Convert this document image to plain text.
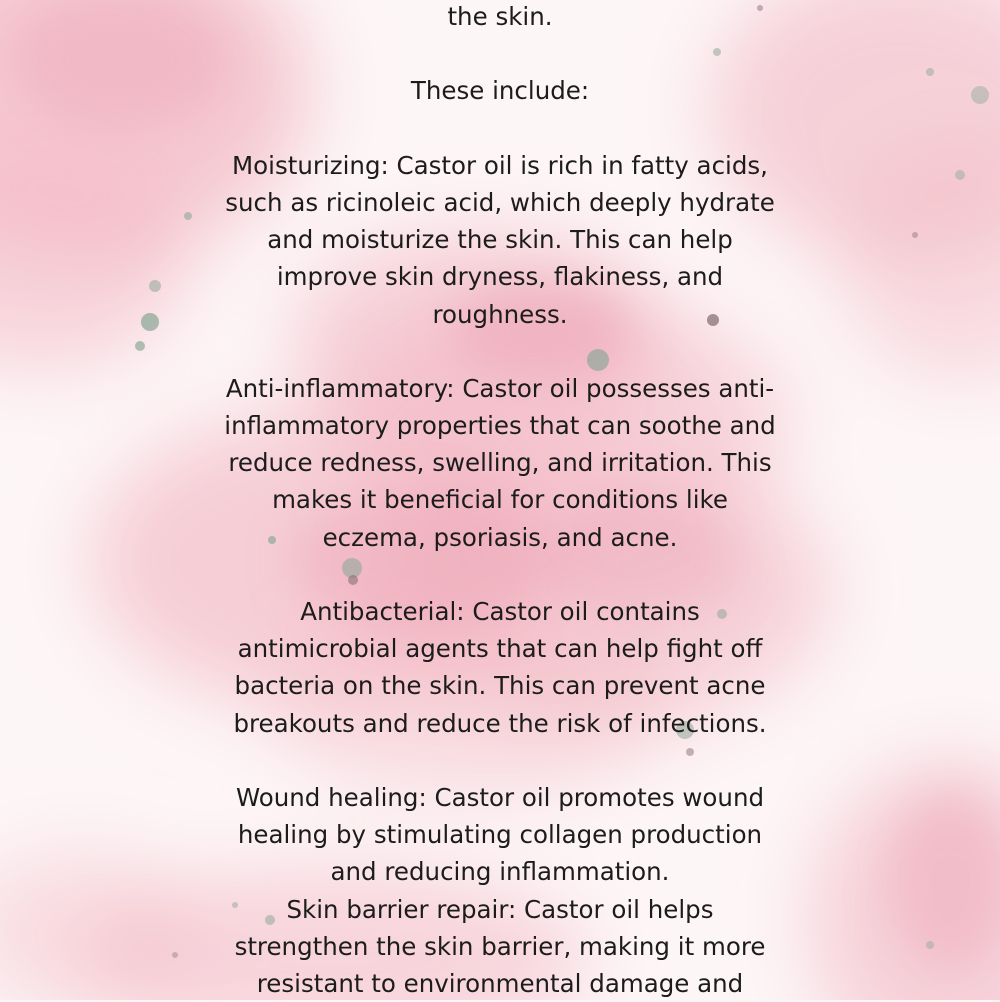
the skin.
These include:
Moisturizing: Castor oil is rich in fatty acids,
such as ricinoleic acid, which deeply hydrate
and moisturize the skin. This can help
improve skin dryness, flakiness, and
roughness.
Anti-inflammatory: Castor oil possesses anti-
inflammatory properties that can soothe and
reduce redness, swelling, and irritation. This
makes it beneficial for conditions like
eczema, psoriasis, and acne.
Antibacterial: Castor oil contains
antimicrobial agents that can help fight off
bacteria on the skin. This can prevent acne
breakouts and reduce the risk of infections.
Wound healing: Castor oil promotes wound
healing by stimulating collagen production
and reducing inflammation.
Skin barrier repair: Castor oil helps
strengthen the skin barrier, making it more
resistant to environmental damage and
